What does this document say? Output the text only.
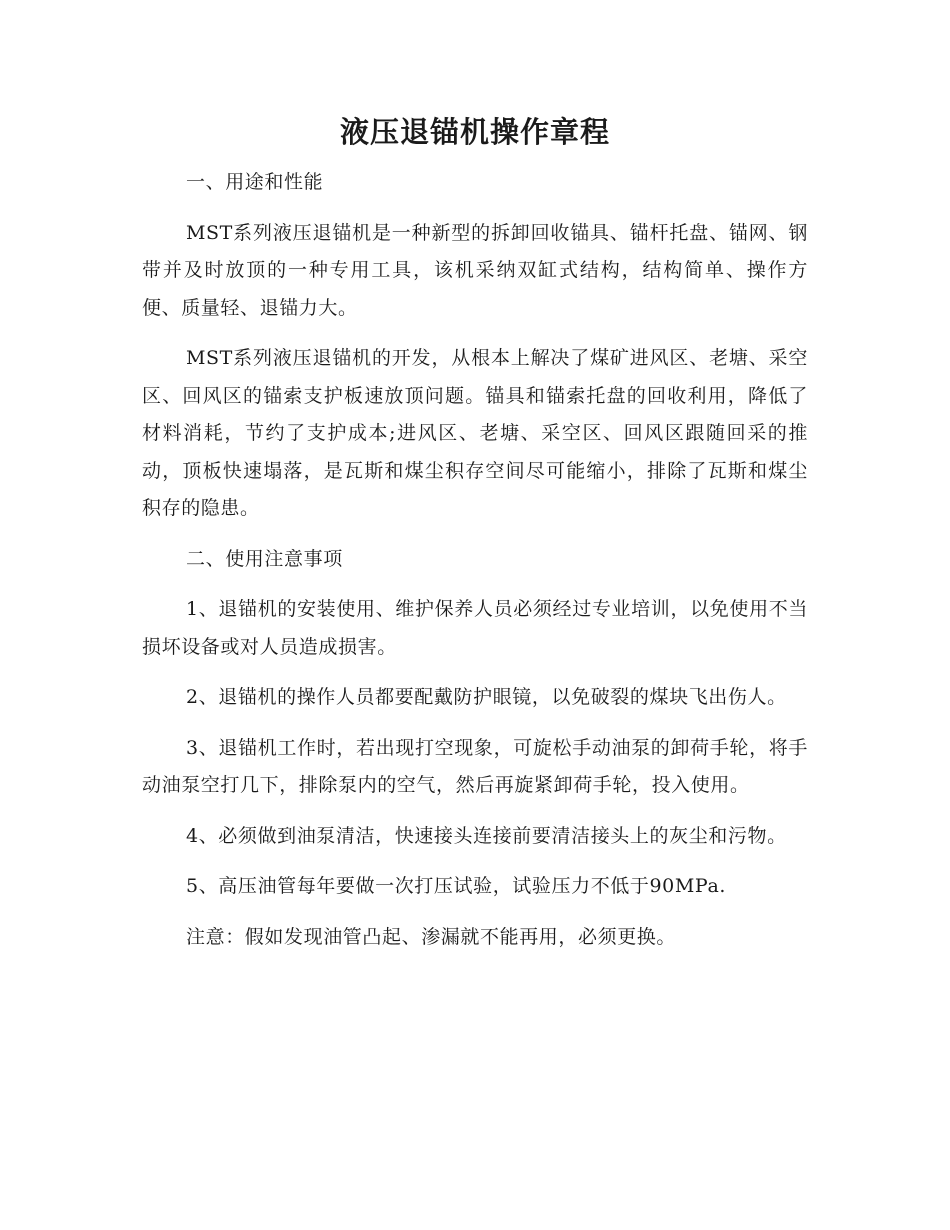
液压退锚机操作章程

一、用途和性能

MST系列液压退锚机是一种新型的拆卸回收锚具、锚杆托盘、锚网、钢带并及时放顶的一种专用工具，该机采纳双缸式结构，结构简单、操作方便、质量轻、退锚力大。

MST系列液压退锚机的开发，从根本上解决了煤矿进风区、老塘、采空区、回风区的锚索支护板速放顶问题。锚具和锚索托盘的回收利用，降低了材料消耗，节约了支护成本;进风区、老塘、采空区、回风区跟随回采的推动，顶板快速塌落，是瓦斯和煤尘积存空间尽可能缩小，排除了瓦斯和煤尘积存的隐患。

二、使用注意事项

1、退锚机的安装使用、维护保养人员必须经过专业培训，以免使用不当损坏设备或对人员造成损害。

2、退锚机的操作人员都要配戴防护眼镜，以免破裂的煤块飞出伤人。

3、退锚机工作时，若出现打空现象，可旋松手动油泵的卸荷手轮，将手动油泵空打几下，排除泵内的空气，然后再旋紧卸荷手轮，投入使用。

4、必须做到油泵清洁，快速接头连接前要清洁接头上的灰尘和污物。

5、高压油管每年要做一次打压试验，试验压力不低于90MPa.

注意：假如发现油管凸起、渗漏就不能再用，必须更换。
